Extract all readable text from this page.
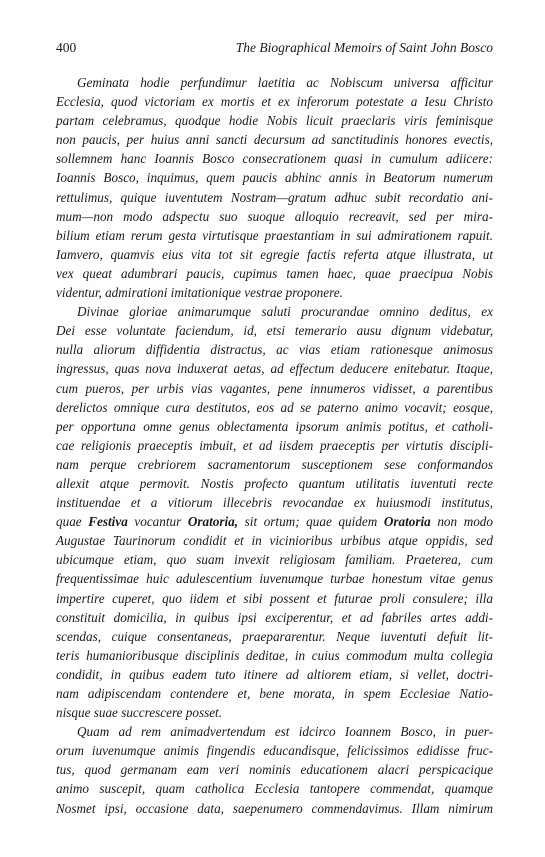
400	The Biographical Memoirs of Saint John Bosco
Geminata hodie perfundimur laetitia ac Nobiscum universa afficitur
Ecclesia, quod victoriam ex mortis et ex inferorum potestate a Iesu Christo
partam celebramus, quodque hodie Nobis licuit praeclaris viris feminisque
non paucis, per huius anni sancti decursum ad sanctitudinis honores evectis,
sollemnem hanc Ioannis Bosco consecrationem quasi in cumulum adiicere:
Ioannis Bosco, inquimus, quem paucis abhinc annis in Beatorum numerum
rettulimus, quique iuventutem Nostram—gratum adhuc subit recordatio ani-
mum—non modo adspectu suo suoque alloquio recreavit, sed per mira-
bilium etiam rerum gesta virtutisque praestantiam in sui admirationem rapuit.
Iamvero, quamvis eius vita tot sit egregie factis referta atque illustrata, ut
vex queat adumbrari paucis, cupimus tamen haec, quae praecipua Nobis
videntur, admirationi imitationique vestrae proponere.
Divinae gloriae animarumque saluti procurandae omnino deditus, ex
Dei esse voluntate faciendum, id, etsi temerario ausu dignum videbatur,
nulla aliorum diffidentia distractus, ac vias etiam rationesque animosus
ingressus, quas nova induxerat aetas, ad effectum deducere enitebatur. Itaque,
cum pueros, per urbis vias vagantes, pene innumeros vidisset, a parentibus
derelictos omnique cura destitutos, eos ad se paterno animo vocavit; eosque,
per opportuna omne genus oblectamenta ipsorum animis potitus, et catholi-
cae religionis praeceptis imbuit, et ad iisdem praeceptis per virtutis discipli-
nam perque crebriorem sacramentorum susceptionem sese conformandos
allexit atque permovit. Nostis profecto quantum utilitatis iuventuti recte
instituendae et a vitiorum illecebris revocandae ex huiusmodi institutus,
quae Festiva vocantur Oratoria, sit ortum; quae quidem Oratoria non modo
Augustae Taurinorum condidit et in vicinioribus urbibus atque oppidis, sed
ubicumque etiam, quo suam invexit religiosam familiam. Praeterea, cum
frequentissimae huic adulescentium iuvenumque turbae honestum vitae genus
impertire cuperet, quo iidem et sibi possent et futurae proli consulere; illa
constituit domicilia, in quibus ipsi exciperentur, et ad fabriles artes addi-
scendas, cuique consentaneas, praepararentur. Neque iuventuti defuit lit-
teris humanioribusque disciplinis deditae, in cuius commodum multa collegia
condidit, in quibus eadem tuto itinere ad altiorem etiam, si vellet, doctri-
nam adipiscendam contendere et, bene morata, in spem Ecclesiae Natio-
nisque suae succrescere posset.
Quam ad rem animadvertendum est idcirco Ioannem Bosco, in puer-
orum iuvenumque animis fingendis educandisque, felicissimos edidisse fruc-
tus, quod germanam eam veri nominis educationem alacri perspicacique
animo suscepit, quam catholica Ecclesia tantopere commendat, quamque
Nosmet ipsi, occasione data, saepenumero commendavimus. Illam nimirum
